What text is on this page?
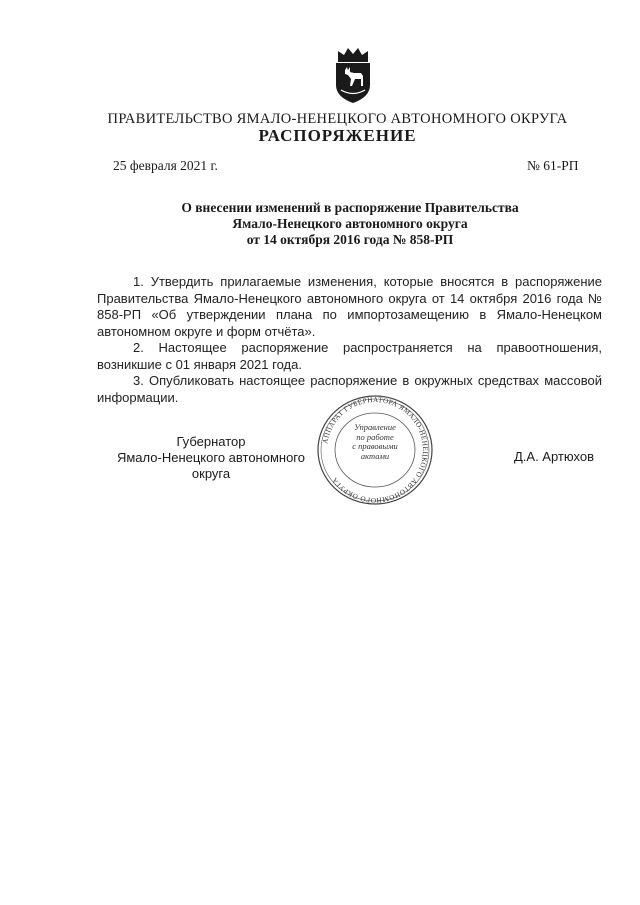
ПРАВИТЕЛЬСТВО ЯМАЛО-НЕНЕЦКОГО АВТОНОМНОГО ОКРУГА
РАСПОРЯЖЕНИЕ
25 февраля 2021 г.	№ 61-РП
О внесении изменений в распоряжение Правительства
Ямало-Ненецкого автономного округа
от 14 октября 2016 года № 858-РП

1. Утвердить прилагаемые изменения, которые вносятся в распоряжение Правительства Ямало-Ненецкого автономного округа от 14 октября 2016 года № 858-РП «Об утверждении плана по импортозамещению в Ямало-Ненецком автономном округе и форм отчёта».

2. Настоящее распоряжение распространяется на правоотношения, возникшие с 01 января 2021 года.

3. Опубликовать настоящее распоряжение в окружных средствах массовой информации.

АППАРАТ ГУБЕРНАТОРА ЯМАЛО-НЕНЕЦКОГО АВТОНОМНОГО ОКРУГА
Управление
по работе
с правовыми
актами
Губернатор
Ямало-Ненецкого автономного округа
Д.А. Артюхов
